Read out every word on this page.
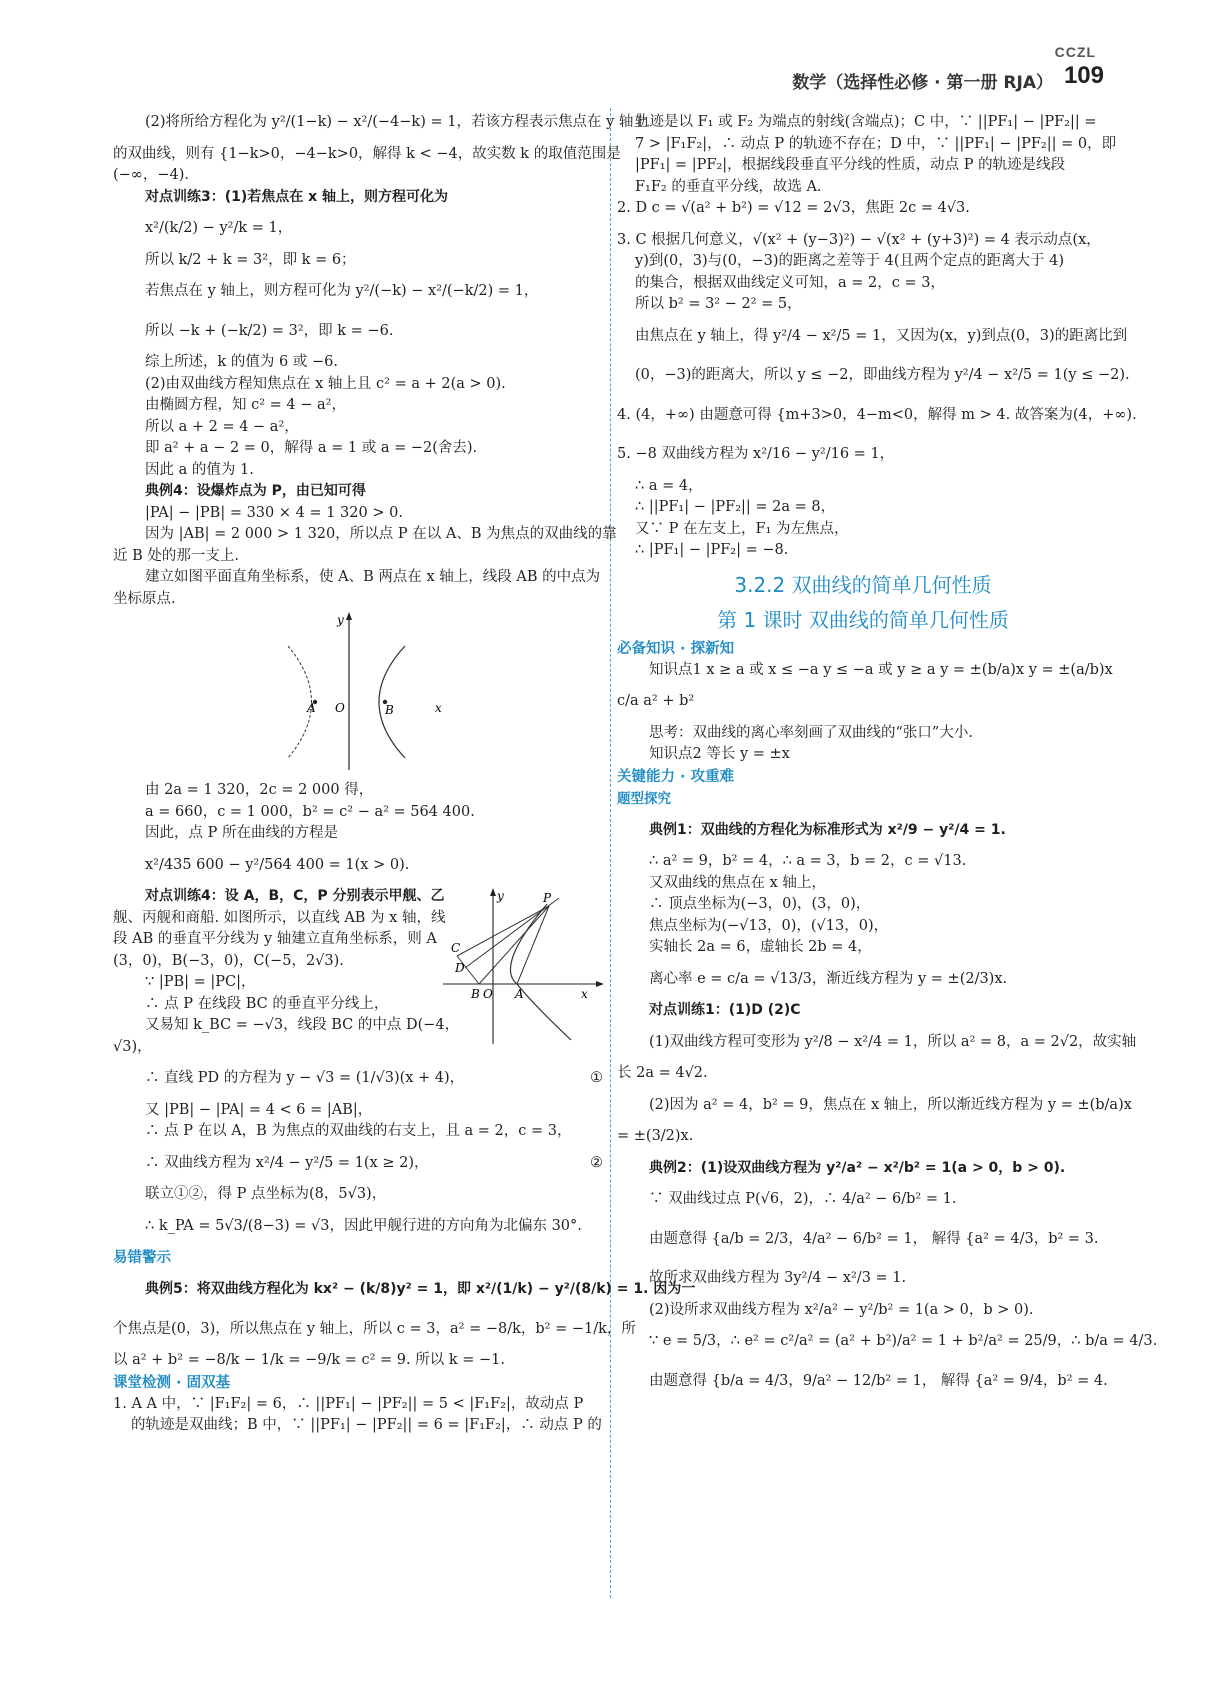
CCZL
数学（选择性必修 · 第一册 RJA） 109
(2)将所给方程化为 y²/(1−k) − x²/(−4−k) = 1，若该方程表示焦点在 y 轴上
的双曲线，则有 {1−k>0，−4−k>0，解得 k < −4，故实数 k 的取值范围是
(−∞，−4).
对点训练3：(1)若焦点在 x 轴上，则方程可化为
x²/(k/2) − y²/k = 1，
所以 k/2 + k = 3²，即 k = 6；
若焦点在 y 轴上，则方程可化为 y²/(−k) − x²/(−k/2) = 1，
所以 −k + (−k/2) = 3²，即 k = −6.
综上所述，k 的值为 6 或 −6.
(2)由双曲线方程知焦点在 x 轴上且 c² = a + 2(a > 0).
由椭圆方程，知 c² = 4 − a²，
所以 a + 2 = 4 − a²，
即 a² + a − 2 = 0，解得 a = 1 或 a = −2(舍去).
因此 a 的值为 1.
典例4：设爆炸点为 P，由已知可得
|PA| − |PB| = 330 × 4 = 1 320 > 0.
因为 |AB| = 2 000 > 1 320，所以点 P 在以 A、B 为焦点的双曲线的靠
近 B 处的那一支上.
建立如图平面直角坐标系，使 A、B 两点在 x 轴上，线段 AB 的中点为
坐标原点.
y
A O	B	x
由 2a = 1 320，2c = 2 000 得，
a = 660，c = 1 000，b² = c² − a² = 564 400.
因此，点 P 所在曲线的方程是
x²/435 600 − y²/564 400 = 1(x > 0).
y	P
C
D
B O A	x
对点训练4：设 A，B，C，P 分别表示甲舰、乙
舰、丙舰和商船. 如图所示，以直线 AB 为 x 轴，线
段 AB 的垂直平分线为 y 轴建立直角坐标系，则 A
(3，0)，B(−3，0)，C(−5，2√3).
∵ |PB| = |PC|，
∴ 点 P 在线段 BC 的垂直平分线上，
又易知 k_BC = −√3，线段 BC 的中点 D(−4，
√3)，
∴ 直线 PD 的方程为 y − √3 = (1/√3)(x + 4)，	①
又 |PB| − |PA| = 4 < 6 = |AB|，
∴ 点 P 在以 A，B 为焦点的双曲线的右支上，且 a = 2，c = 3，
∴ 双曲线方程为 x²/4 − y²/5 = 1(x ≥ 2)，	②
联立①②，得 P 点坐标为(8，5√3)，
∴ k_PA = 5√3/(8−3) = √3，因此甲舰行进的方向角为北偏东 30°.
易错警示
典例5：将双曲线方程化为 kx² − (k/8)y² = 1，即 x²/(1/k) − y²/(8/k) = 1. 因为一
个焦点是(0，3)，所以焦点在 y 轴上，所以 c = 3，a² = −8/k，b² = −1/k，所
以 a² + b² = −8/k − 1/k = −9/k = c² = 9. 所以 k = −1.
课堂检测 · 固双基
1. A A 中，∵ |F₁F₂| = 6，∴ ||PF₁| − |PF₂|| = 5 < |F₁F₂|，故动点 P
的轨迹是双曲线；B 中，∵ ||PF₁| − |PF₂|| = 6 = |F₁F₂|，∴ 动点 P 的
轨迹是以 F₁ 或 F₂ 为端点的射线(含端点)；C 中，∵ ||PF₁| − |PF₂|| =
7 > |F₁F₂|，∴ 动点 P 的轨迹不存在；D 中，∵ ||PF₁| − |PF₂|| = 0，即
|PF₁| = |PF₂|，根据线段垂直平分线的性质，动点 P 的轨迹是线段
F₁F₂ 的垂直平分线，故选 A.
2. D c = √(a² + b²) = √12 = 2√3，焦距 2c = 4√3.
3. C 根据几何意义，√(x² + (y−3)²) − √(x² + (y+3)²) = 4 表示动点(x，
y)到(0，3)与(0，−3)的距离之差等于 4(且两个定点的距离大于 4)
的集合，根据双曲线定义可知，a = 2，c = 3，
所以 b² = 3² − 2² = 5，
由焦点在 y 轴上，得 y²/4 − x²/5 = 1，又因为(x，y)到点(0，3)的距离比到
(0，−3)的距离大，所以 y ≤ −2，即曲线方程为 y²/4 − x²/5 = 1(y ≤ −2).
4. (4，+∞) 由题意可得 {m+3>0，4−m<0，解得 m > 4. 故答案为(4，+∞).
5. −8 双曲线方程为 x²/16 − y²/16 = 1，
∴ a = 4，
∴ ||PF₁| − |PF₂|| = 2a = 8，
又∵ P 在左支上，F₁ 为左焦点，
∴ |PF₁| − |PF₂| = −8.
3.2.2 双曲线的简单几何性质
第 1 课时 双曲线的简单几何性质
必备知识 · 探新知
知识点1 x ≥ a 或 x ≤ −a y ≤ −a 或 y ≥ a y = ±(b/a)x y = ±(a/b)x
c/a a² + b²
思考：双曲线的离心率刻画了双曲线的“张口”大小.
知识点2 等长 y = ±x
关键能力 · 攻重难
题型探究
典例1：双曲线的方程化为标准形式为 x²/9 − y²/4 = 1.
∴ a² = 9，b² = 4，∴ a = 3，b = 2，c = √13.
又双曲线的焦点在 x 轴上，
∴ 顶点坐标为(−3，0)，(3，0)，
焦点坐标为(−√13，0)，(√13，0)，
实轴长 2a = 6，虚轴长 2b = 4，
离心率 e = c/a = √13/3，渐近线方程为 y = ±(2/3)x.
对点训练1：(1)D (2)C
(1)双曲线方程可变形为 y²/8 − x²/4 = 1，所以 a² = 8，a = 2√2，故实轴
长 2a = 4√2.
(2)因为 a² = 4，b² = 9，焦点在 x 轴上，所以渐近线方程为 y = ±(b/a)x
= ±(3/2)x.
典例2：(1)设双曲线方程为 y²/a² − x²/b² = 1(a > 0，b > 0).
∵ 双曲线过点 P(√6，2)，∴ 4/a² − 6/b² = 1.
由题意得 {a/b = 2/3，4/a² − 6/b² = 1， 解得 {a² = 4/3，b² = 3.
故所求双曲线方程为 3y²/4 − x²/3 = 1.
(2)设所求双曲线方程为 x²/a² − y²/b² = 1(a > 0，b > 0).
∵ e = 5/3，∴ e² = c²/a² = (a² + b²)/a² = 1 + b²/a² = 25/9，∴ b/a = 4/3.
由题意得 {b/a = 4/3，9/a² − 12/b² = 1， 解得 {a² = 9/4，b² = 4.
